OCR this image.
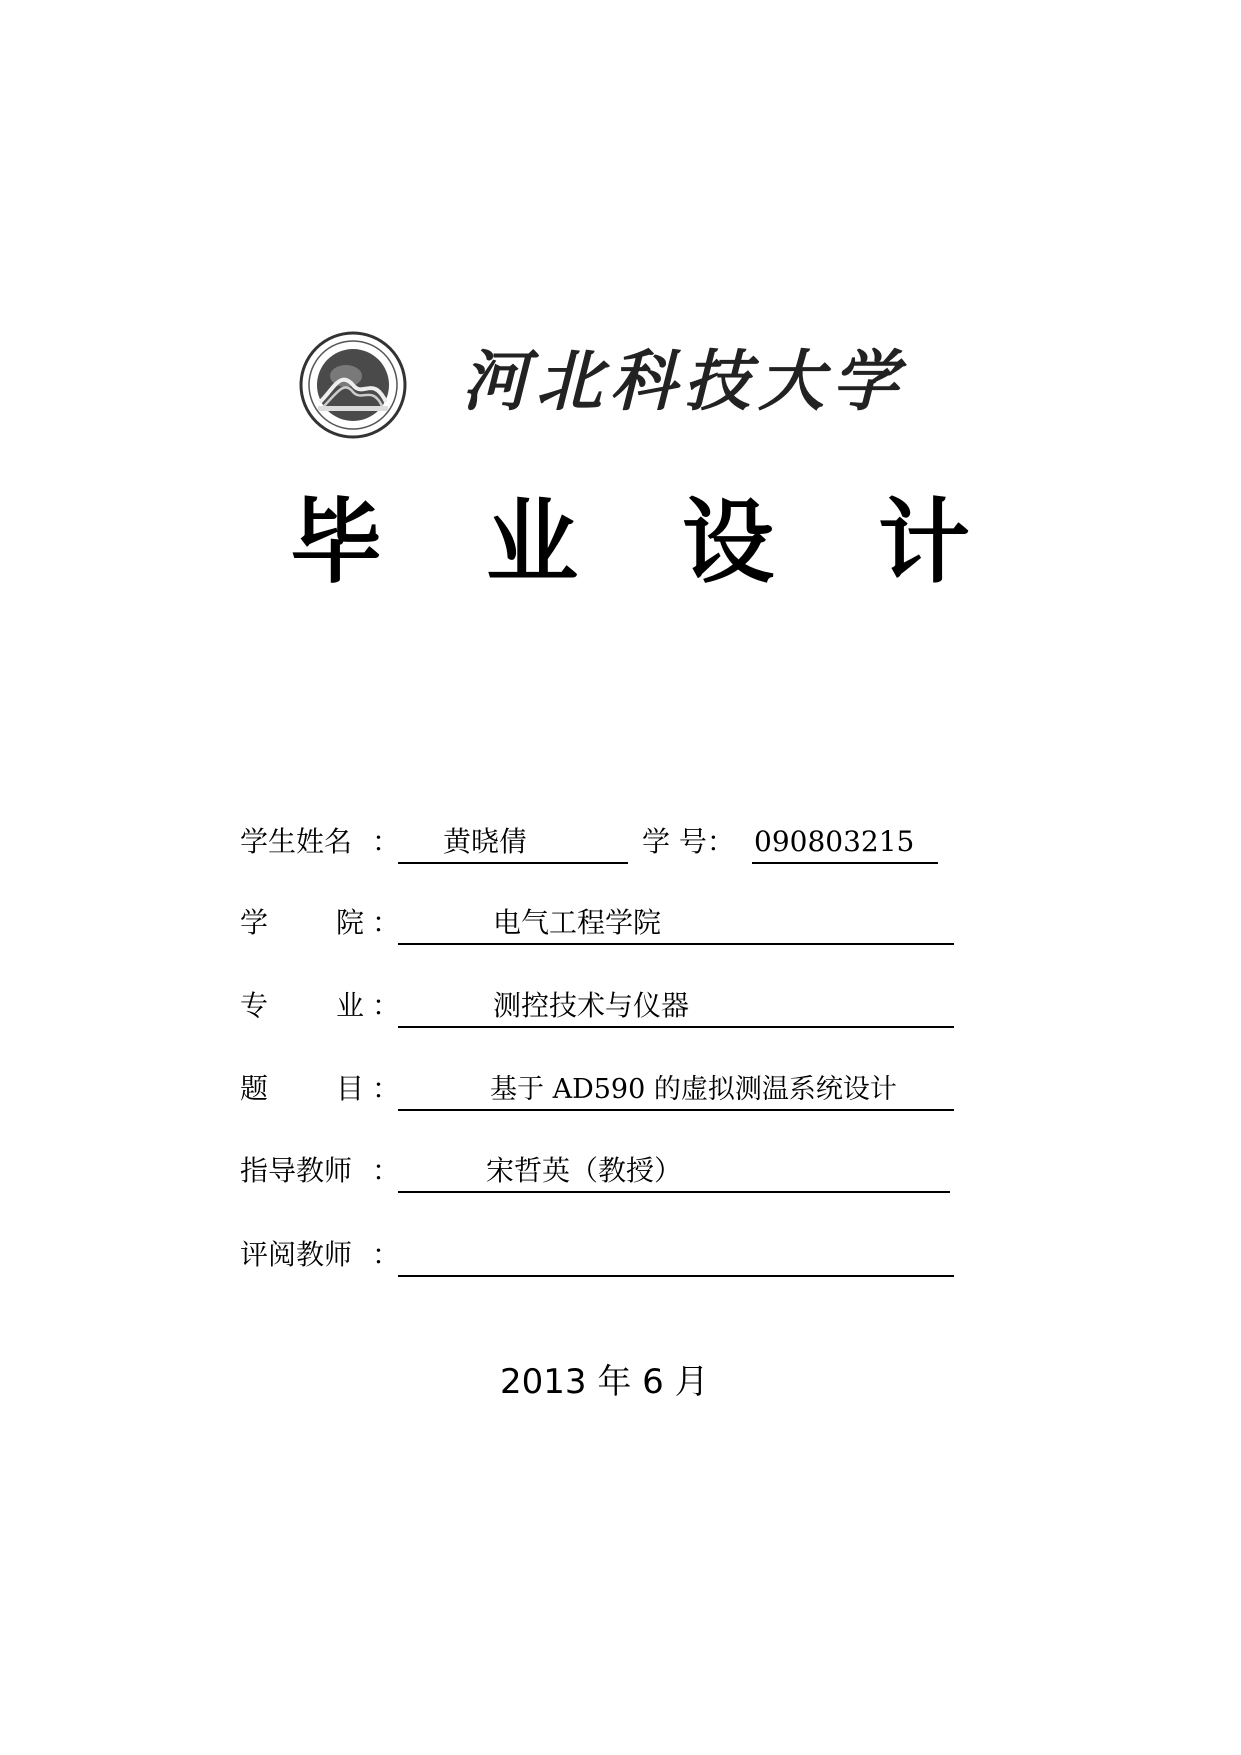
河北科技大学
毕 业 设 计
学生姓名 ：	黄晓倩	学 号： 090803215
学 院 ：	电气工程学院
专 业 ：	测控技术与仪器
题 目 ：	基于 AD590 的虚拟测温系统设计
指导教师 ：	宋哲英（教授）
评阅教师 ：
2013 年 6 月
